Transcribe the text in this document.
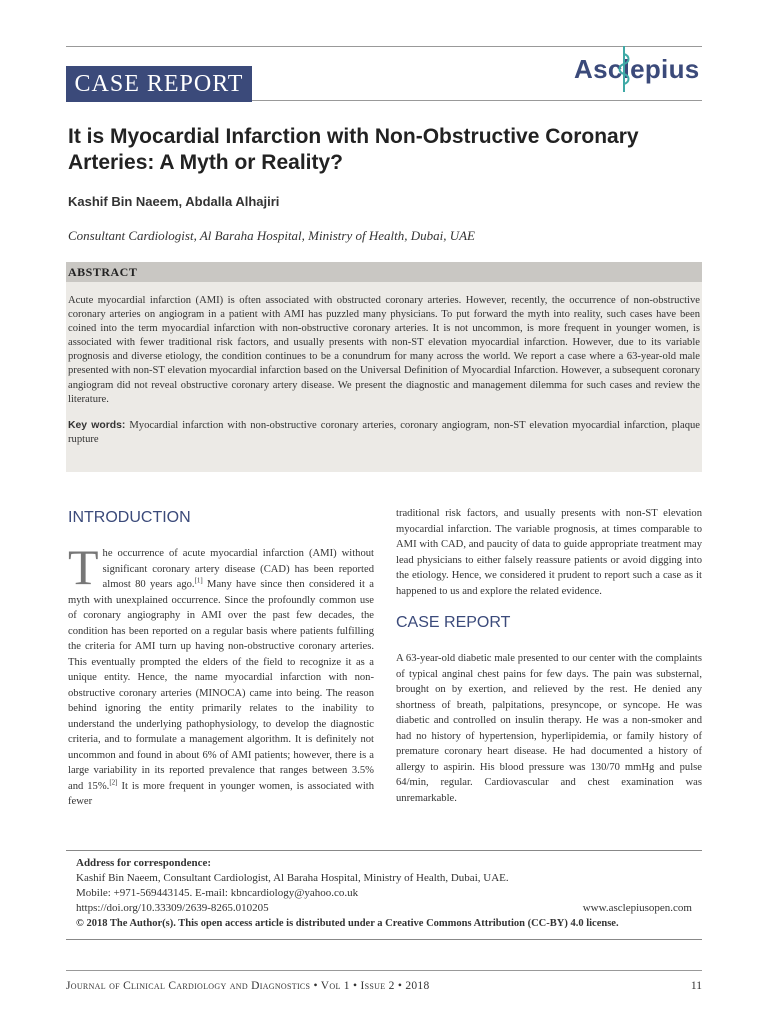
CASE REPORT	Asclepius
It is Myocardial Infarction with Non-Obstructive Coronary Arteries: A Myth or Reality?
Kashif Bin Naeem, Abdalla Alhajiri
Consultant Cardiologist, Al Baraha Hospital, Ministry of Health, Dubai, UAE
ABSTRACT
Acute myocardial infarction (AMI) is often associated with obstructed coronary arteries. However, recently, the occurrence of non-obstructive coronary arteries on angiogram in a patient with AMI has puzzled many physicians. To put forward the myth into reality, such cases have been coined into the term myocardial infarction with non-obstructive coronary arteries. It is not uncommon, is more frequent in younger women, is associated with fewer traditional risk factors, and usually presents with non-ST elevation myocardial infarction. However, due to its variable prognosis and diverse etiology, the condition continues to be a conundrum for many across the world. We report a case where a 63-year-old male presented with non-ST elevation myocardial infarction based on the Universal Definition of Myocardial Infarction. However, a subsequent coronary angiogram did not reveal obstructive coronary artery disease. We present the diagnostic and management dilemma for such cases and review the literature.
Key words: Myocardial infarction with non-obstructive coronary arteries, coronary angiogram, non-ST elevation myocardial infarction, plaque rupture
INTRODUCTION

The occurrence of acute myocardial infarction (AMI) without significant coronary artery disease (CAD) has been reported almost 80 years ago.[1] Many have since then considered it a myth with unexplained occurrence. Since the profoundly common use of coronary angiography in AMI over the past few decades, the condition has been reported on a regular basis where patients fulfilling the criteria for AMI turn up having non-obstructive coronary arteries. This eventually prompted the elders of the field to recognize it as a unique entity. Hence, the name myocardial infarction with non-obstructive coronary arteries (MINOCA) came into being. The reason behind ignoring the entity primarily relates to the inability to understand the underlying pathophysiology, to develop the diagnostic criteria, and to formulate a management algorithm. It is definitely not uncommon and found in about 6% of AMI patients; however, there is a large variability in its reported prevalence that ranges between 3.5% and 15%.[2] It is more frequent in younger women, is associated with fewer

traditional risk factors, and usually presents with non-ST elevation myocardial infarction. The variable prognosis, at times comparable to AMI with CAD, and paucity of data to guide appropriate treatment may lead physicians to either falsely reassure patients or avoid digging into the etiology. Hence, we considered it prudent to report such a case as it happened to us and explore the related evidence.

CASE REPORT

A 63-year-old diabetic male presented to our center with the complaints of typical anginal chest pains for few days. The pain was substernal, brought on by exertion, and relieved by the rest. He denied any shortness of breath, palpitations, presyncope, or syncope. He was diabetic and controlled on insulin therapy. He was a non-smoker and had no history of hypertension, hyperlipidemia, or family history of premature coronary heart disease. He had documented a history of allergy to aspirin. His blood pressure was 130/70 mmHg and pulse 64/min, regular. Cardiovascular and chest examination was unremarkable.

Address for correspondence:
Kashif Bin Naeem, Consultant Cardiologist, Al Baraha Hospital, Ministry of Health, Dubai, UAE.
Mobile: +971-569443145. E-mail: kbncardiology@yahoo.co.uk
https://doi.org/10.33309/2639-8265.010205	www.asclepiusopen.com
© 2018 The Author(s). This open access article is distributed under a Creative Commons Attribution (CC-BY) 4.0 license.
Journal of Clinical Cardiology and Diagnostics • Vol 1 • Issue 2 • 2018	11
